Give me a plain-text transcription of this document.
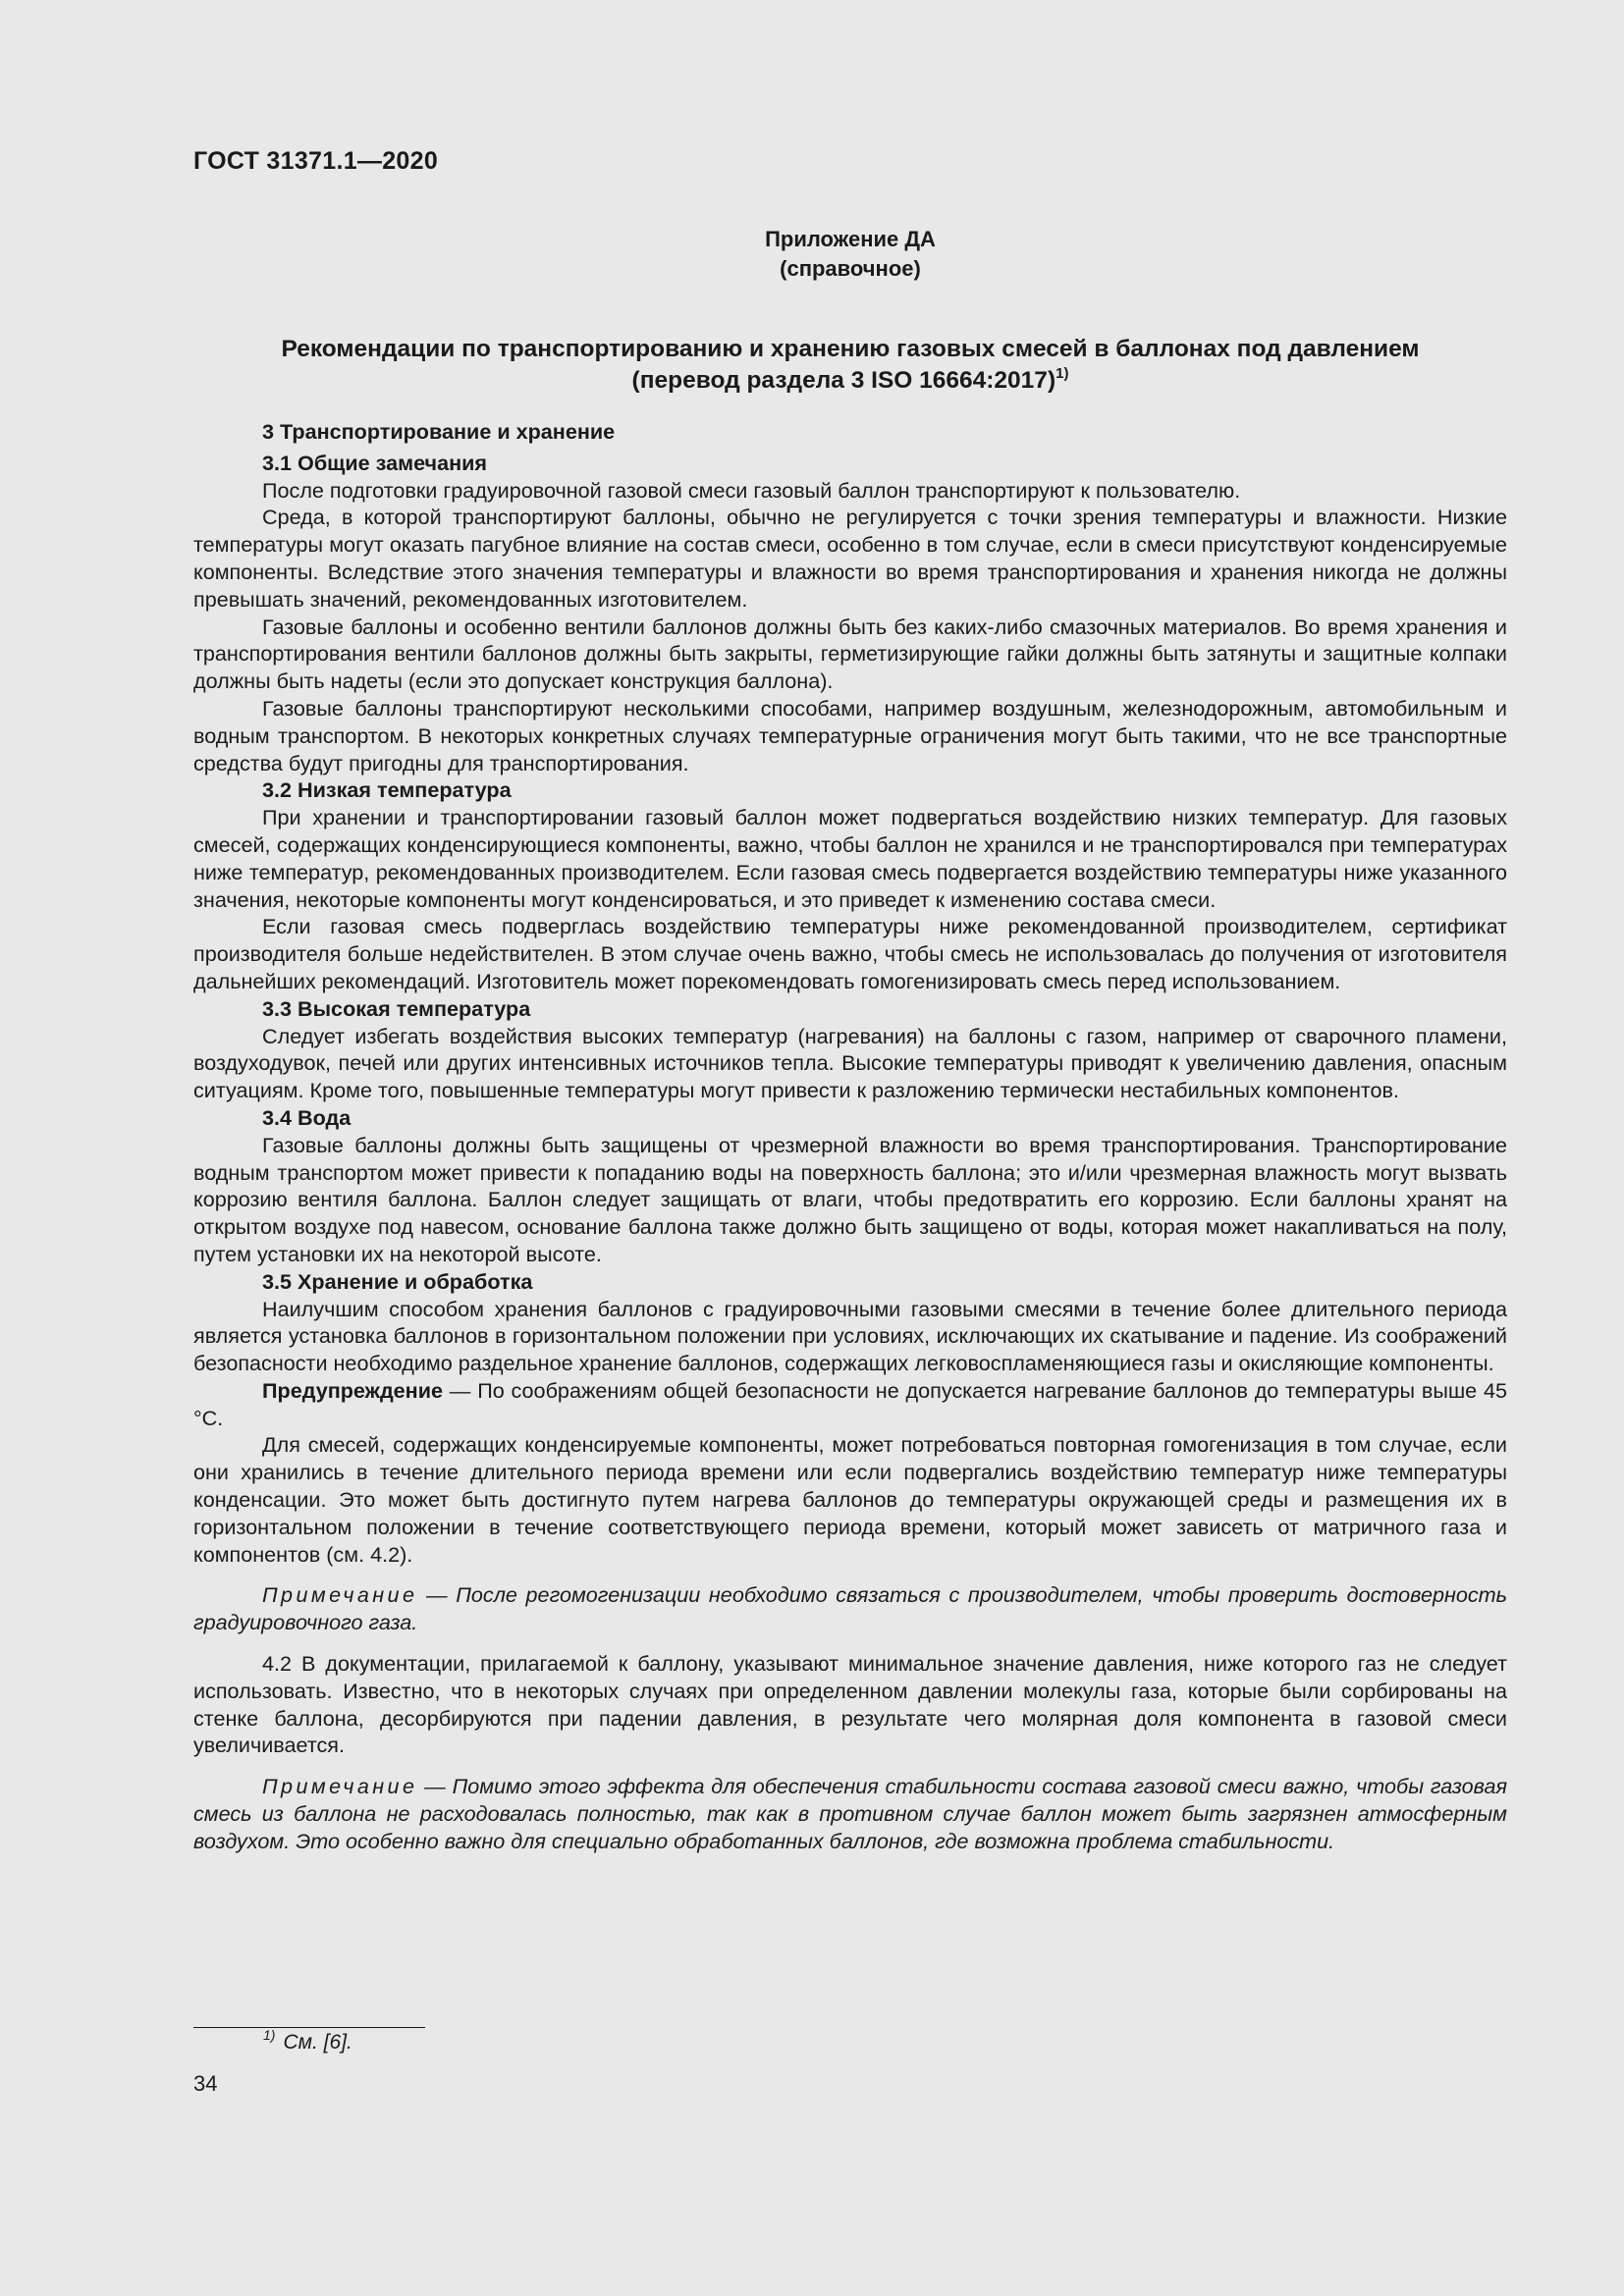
ГОСТ 31371.1—2020
Приложение ДА
(справочное)
Рекомендации по транспортированию и хранению газовых смесей в баллонах под давлением
(перевод раздела 3 ISO 16664:2017)$^{1)}$
3 Транспортирование и хранение
3.1 Общие замечания

После подготовки градуировочной газовой смеси газовый баллон транспортируют к пользователю.

Среда, в которой транспортируют баллоны, обычно не регулируется с точки зрения температуры и влажности. Низкие температуры могут оказать пагубное влияние на состав смеси, особенно в том случае, если в смеси присутствуют конденсируемые компоненты. Вследствие этого значения температуры и влажности во время транспортирования и хранения никогда не должны превышать значений, рекомендованных изготовителем.

Газовые баллоны и особенно вентили баллонов должны быть без каких-либо смазочных материалов. Во время хранения и транспортирования вентили баллонов должны быть закрыты, герметизирующие гайки должны быть затянуты и защитные колпаки должны быть надеты (если это допускает конструкция баллона).

Газовые баллоны транспортируют несколькими способами, например воздушным, железнодорожным, автомобильным и водным транспортом. В некоторых конкретных случаях температурные ограничения могут быть такими, что не все транспортные средства будут пригодны для транспортирования.

3.2 Низкая температура

При хранении и транспортировании газовый баллон может подвергаться воздействию низких температур. Для газовых смесей, содержащих конденсирующиеся компоненты, важно, чтобы баллон не хранился и не транспортировался при температурах ниже температур, рекомендованных производителем. Если газовая смесь подвергается воздействию температуры ниже указанного значения, некоторые компоненты могут конденсироваться, и это приведет к изменению состава смеси.

Если газовая смесь подверглась воздействию температуры ниже рекомендованной производителем, сертификат производителя больше недействителен. В этом случае очень важно, чтобы смесь не использовалась до получения от изготовителя дальнейших рекомендаций. Изготовитель может порекомендовать гомогенизировать смесь перед использованием.

3.3 Высокая температура

Следует избегать воздействия высоких температур (нагревания) на баллоны с газом, например от сварочного пламени, воздуходувок, печей или других интенсивных источников тепла. Высокие температуры приводят к увеличению давления, опасным ситуациям. Кроме того, повышенные температуры могут привести к разложению термически нестабильных компонентов.

3.4 Вода

Газовые баллоны должны быть защищены от чрезмерной влажности во время транспортирования. Транспортирование водным транспортом может привести к попаданию воды на поверхность баллона; это и/или чрезмерная влажность могут вызвать коррозию вентиля баллона. Баллон следует защищать от влаги, чтобы предотвратить его коррозию. Если баллоны хранят на открытом воздухе под навесом, основание баллона также должно быть защищено от воды, которая может накапливаться на полу, путем установки их на некоторой высоте.

3.5 Хранение и обработка

Наилучшим способом хранения баллонов с градуировочными газовыми смесями в течение более длительного периода является установка баллонов в горизонтальном положении при условиях, исключающих их скатывание и падение. Из соображений безопасности необходимо раздельное хранение баллонов, содержащих легковоспламеняющиеся газы и окисляющие компоненты.

Предупреждение — По соображениям общей безопасности не допускается нагревание баллонов до температуры выше 45 °С.

Для смесей, содержащих конденсируемые компоненты, может потребоваться повторная гомогенизация в том случае, если они хранились в течение длительного периода времени или если подвергались воздействию температур ниже температуры конденсации. Это может быть достигнуто путем нагрева баллонов до температуры окружающей среды и размещения их в горизонтальном положении в течение соответствующего периода времени, который может зависеть от матричного газа и компонентов (см. 4.2).

Примечание — После регомогенизации необходимо связаться с производителем, чтобы проверить достоверность градуировочного газа.

4.2 В документации, прилагаемой к баллону, указывают минимальное значение давления, ниже которого газ не следует использовать. Известно, что в некоторых случаях при определенном давлении молекулы газа, которые были сорбированы на стенке баллона, десорбируются при падении давления, в результате чего молярная доля компонента в газовой смеси увеличивается.

Примечание — Помимо этого эффекта для обеспечения стабильности состава газовой смеси важно, чтобы газовая смесь из баллона не расходовалась полностью, так как в противном случае баллон может быть загрязнен атмосферным воздухом. Это особенно важно для специально обработанных баллонов, где возможна проблема стабильности.

$^{1)}$ См. [6].
34
